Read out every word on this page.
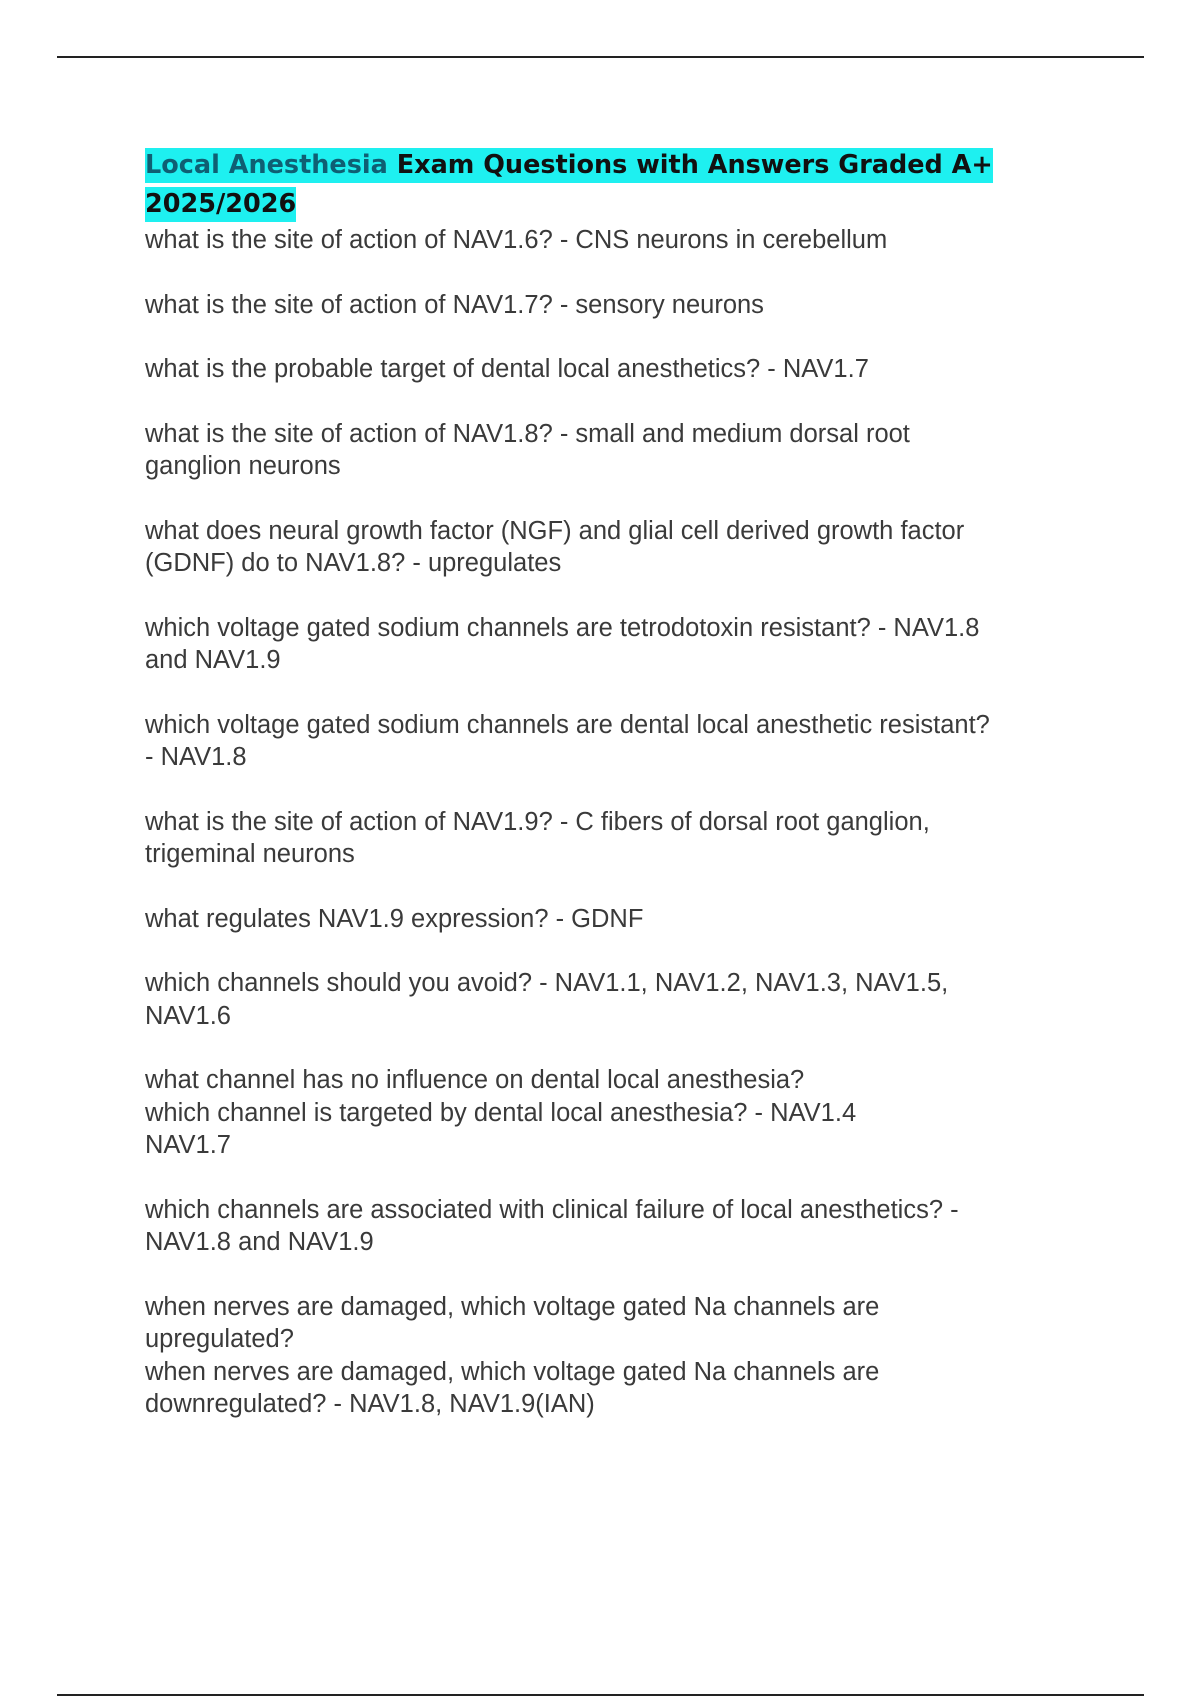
Local Anesthesia Exam Questions with Answers Graded A+ 2025/2026
what is the site of action of NAV1.6? - CNS neurons in cerebellum
what is the site of action of NAV1.7? - sensory neurons
what is the probable target of dental local anesthetics? - NAV1.7
what is the site of action of NAV1.8? - small and medium dorsal root
ganglion neurons
what does neural growth factor (NGF) and glial cell derived growth factor
(GDNF) do to NAV1.8? - upregulates
which voltage gated sodium channels are tetrodotoxin resistant? - NAV1.8
and NAV1.9
which voltage gated sodium channels are dental local anesthetic resistant?
- NAV1.8
what is the site of action of NAV1.9? - C fibers of dorsal root ganglion,
trigeminal neurons
what regulates NAV1.9 expression? - GDNF
which channels should you avoid? - NAV1.1, NAV1.2, NAV1.3, NAV1.5,
NAV1.6
what channel has no influence on dental local anesthesia?
which channel is targeted by dental local anesthesia? - NAV1.4
NAV1.7
which channels are associated with clinical failure of local anesthetics? -
NAV1.8 and NAV1.9
when nerves are damaged, which voltage gated Na channels are
upregulated?
when nerves are damaged, which voltage gated Na channels are
downregulated? - NAV1.8, NAV1.9(IAN)
